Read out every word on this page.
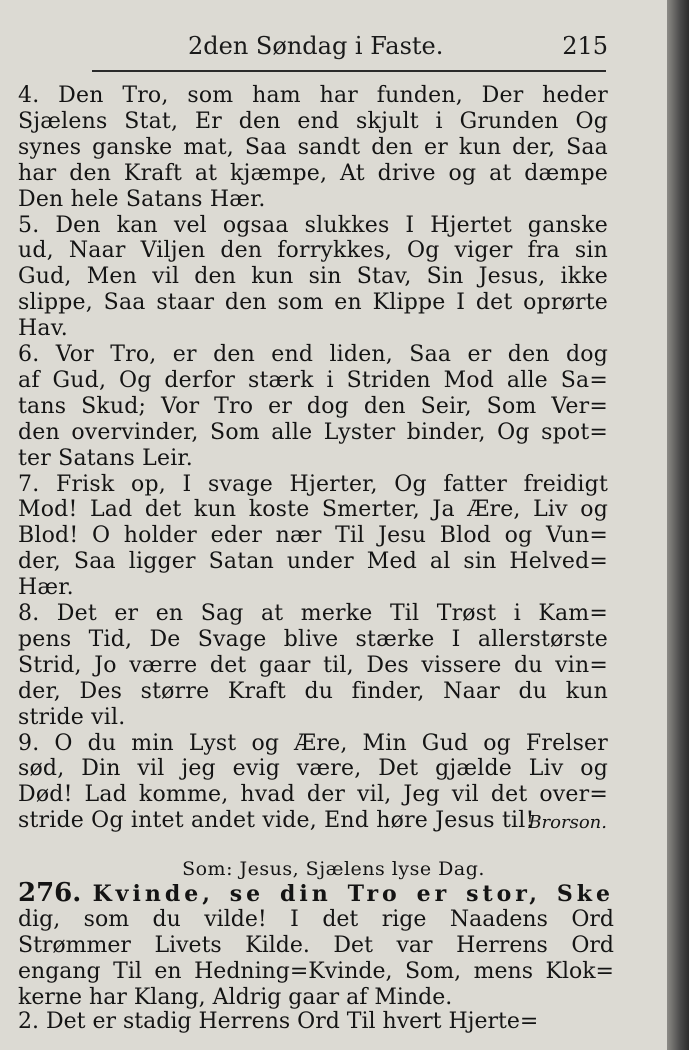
2den Søndag i Faste.	215
4. Den Tro, som ham har funden, Der heder
Sjælens Stat, Er den end skjult i Grunden Og
synes ganske mat, Saa sandt den er kun der, Saa
har den Kraft at kjæmpe, At drive og at dæmpe
Den hele Satans Hær.
5. Den kan vel ogsaa slukkes I Hjertet ganske
ud, Naar Viljen den forrykkes, Og viger fra sin
Gud, Men vil den kun sin Stav, Sin Jesus, ikke
slippe, Saa staar den som en Klippe I det oprørte
Hav.
6. Vor Tro, er den end liden, Saa er den dog
af Gud, Og derfor stærk i Striden Mod alle Sa=
tans Skud; Vor Tro er dog den Seir, Som Ver=
den overvinder, Som alle Lyster binder, Og spot=
ter Satans Leir.
7. Frisk op, I svage Hjerter, Og fatter freidigt
Mod! Lad det kun koste Smerter, Ja Ære, Liv og
Blod! O holder eder nær Til Jesu Blod og Vun=
der, Saa ligger Satan under Med al sin Helved=
Hær.
8. Det er en Sag at merke Til Trøst i Kam=
pens Tid, De Svage blive stærke I allerstørste
Strid, Jo værre det gaar til, Des vissere du vin=
der, Des større Kraft du finder, Naar du kun
stride vil.
9. O du min Lyst og Ære, Min Gud og Frelser
sød, Din vil jeg evig være, Det gjælde Liv og
Død! Lad komme, hvad der vil, Jeg vil det over=
stride Og intet andet vide, End høre Jesus til!
Brorson.
Som: Jesus, Sjælens lyse Dag.
276. Kvinde, se din Tro er stor, Ske
dig, som du vilde! I det rige Naadens Ord
Strømmer Livets Kilde. Det var Herrens Ord
engang Til en Hedning=Kvinde, Som, mens Klok=
kerne har Klang, Aldrig gaar af Minde.
2. Det er stadig Herrens Ord Til hvert Hjerte=
